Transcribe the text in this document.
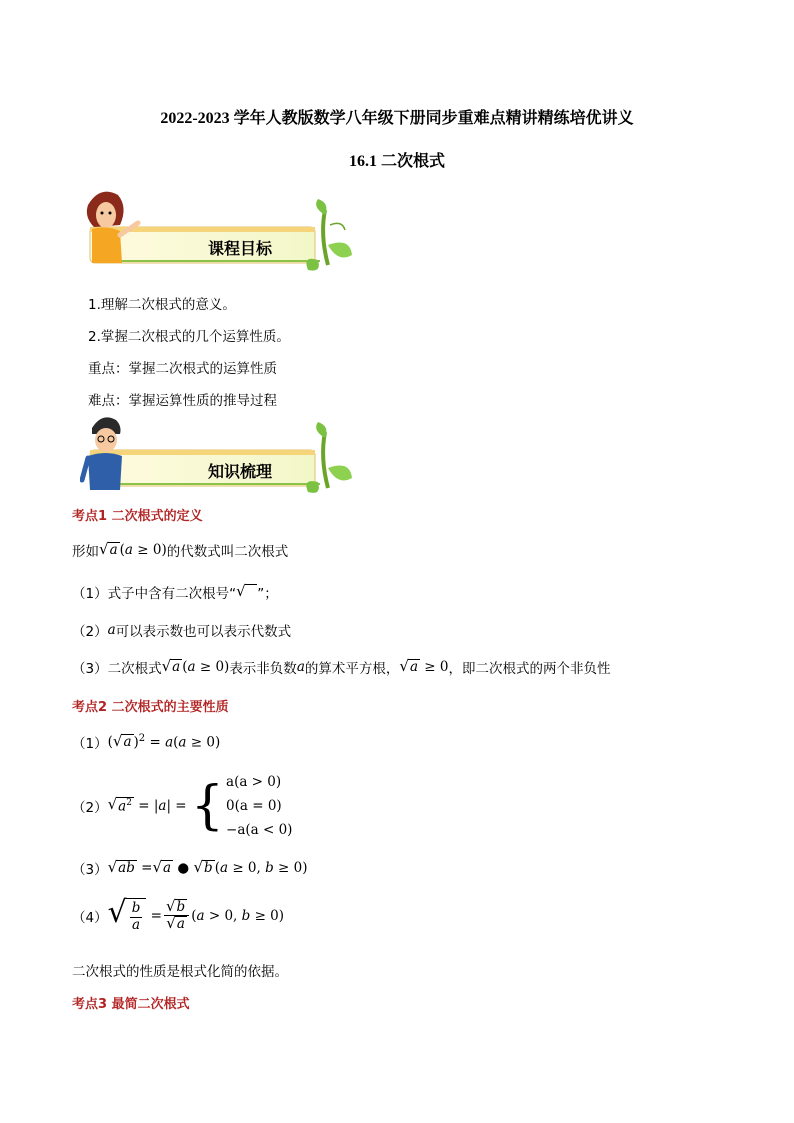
2022-2023 学年人教版数学八年级下册同步重难点精讲精练培优讲义
16.1 二次根式
课程目标
1.理解二次根式的意义。
2.掌握二次根式的几个运算性质。
重点：掌握二次根式的运算性质
难点：掌握运算性质的推导过程
知识梳理
考点1 二次根式的定义
形如 √ a (a ≥ 0) 的代数式叫二次根式
（1）式子中含有二次根号“ √
”；
（2） a 可以表示数也可以表示代数式
（3）二次根式 √ a (a ≥ 0) 表示非负数 a 的算术平方根， √ a ≥ 0 ，即二次根式的两个非负性
考点2 二次根式的主要性质
（1） ( √ a )$^2$ = a(a ≥ 0)
（2） √ $a^2 = |a|$ = { a(a > 0)
0(a = 0)
−a(a < 0)
（3） √ ab = √ a ● √ b (a ≥ 0, b ≥ 0)
（4） √ $\frac{b}{a} = \frac{√ b}{√ a} (a > 0$, b ≥ 0)
二次根式的性质是根式化简的依据。
考点3 最简二次根式
